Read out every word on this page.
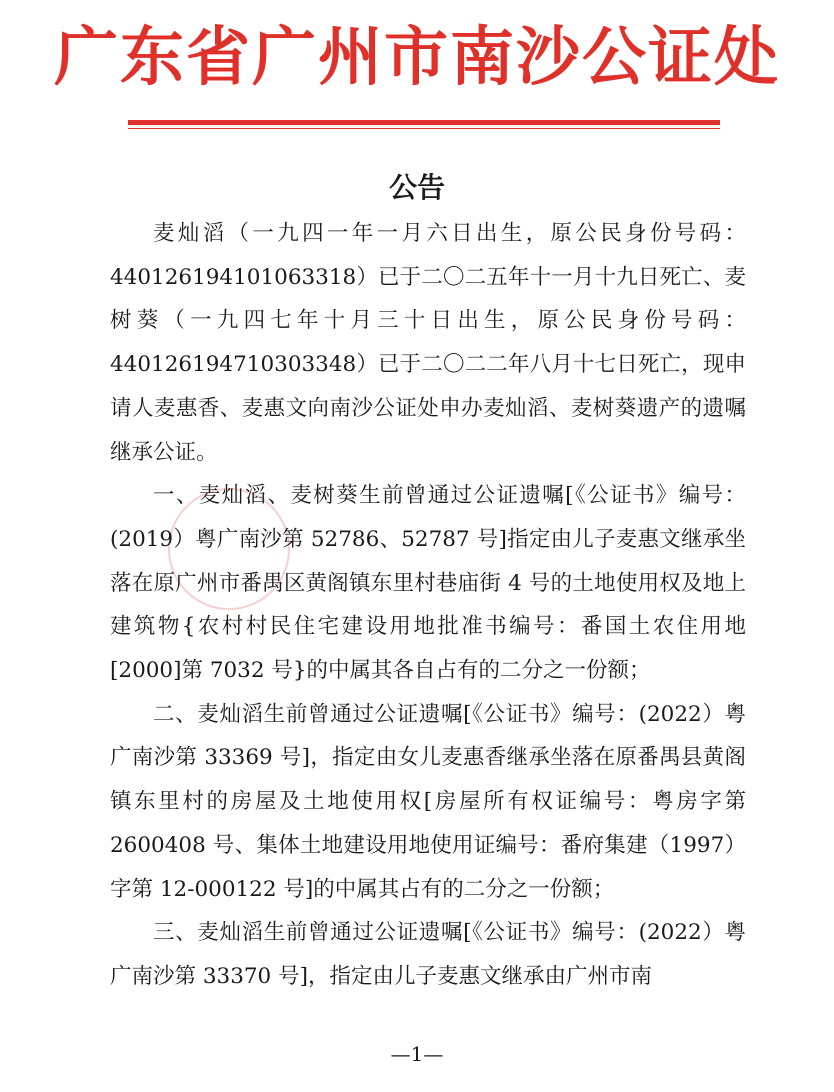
广东省广州市南沙公证处
公告

麦灿滔（一九四一年一月六日出生，原公民身份号码：440126194101063318）已于二〇二五年十一月十九日死亡、麦树葵（一九四七年十月三十日出生，原公民身份号码：440126194710303348）已于二〇二二年八月十七日死亡，现申请人麦惠香、麦惠文向南沙公证处申办麦灿滔、麦树葵遗产的遗嘱继承公证。

一、麦灿滔、麦树葵生前曾通过公证遗嘱[《公证书》编号：(2019）粤广南沙第 52786、52787 号]指定由儿子麦惠文继承坐落在原广州市番禺区黄阁镇东里村巷庙街 4 号的土地使用权及地上建筑物{农村村民住宅建设用地批准书编号：番国土农住用地[2000]第 7032 号}的中属其各自占有的二分之一份额；

二、麦灿滔生前曾通过公证遗嘱[《公证书》编号：(2022）粤广南沙第 33369 号]，指定由女儿麦惠香继承坐落在原番禺县黄阁镇东里村的房屋及土地使用权[房屋所有权证编号：粤房字第 2600408 号、集体土地建设用地使用证编号：番府集建（1997）字第 12-000122 号]的中属其占有的二分之一份额；

三、麦灿滔生前曾通过公证遗嘱[《公证书》编号：(2022）粤广南沙第 33370 号]，指定由儿子麦惠文继承由广州市南

—1—
